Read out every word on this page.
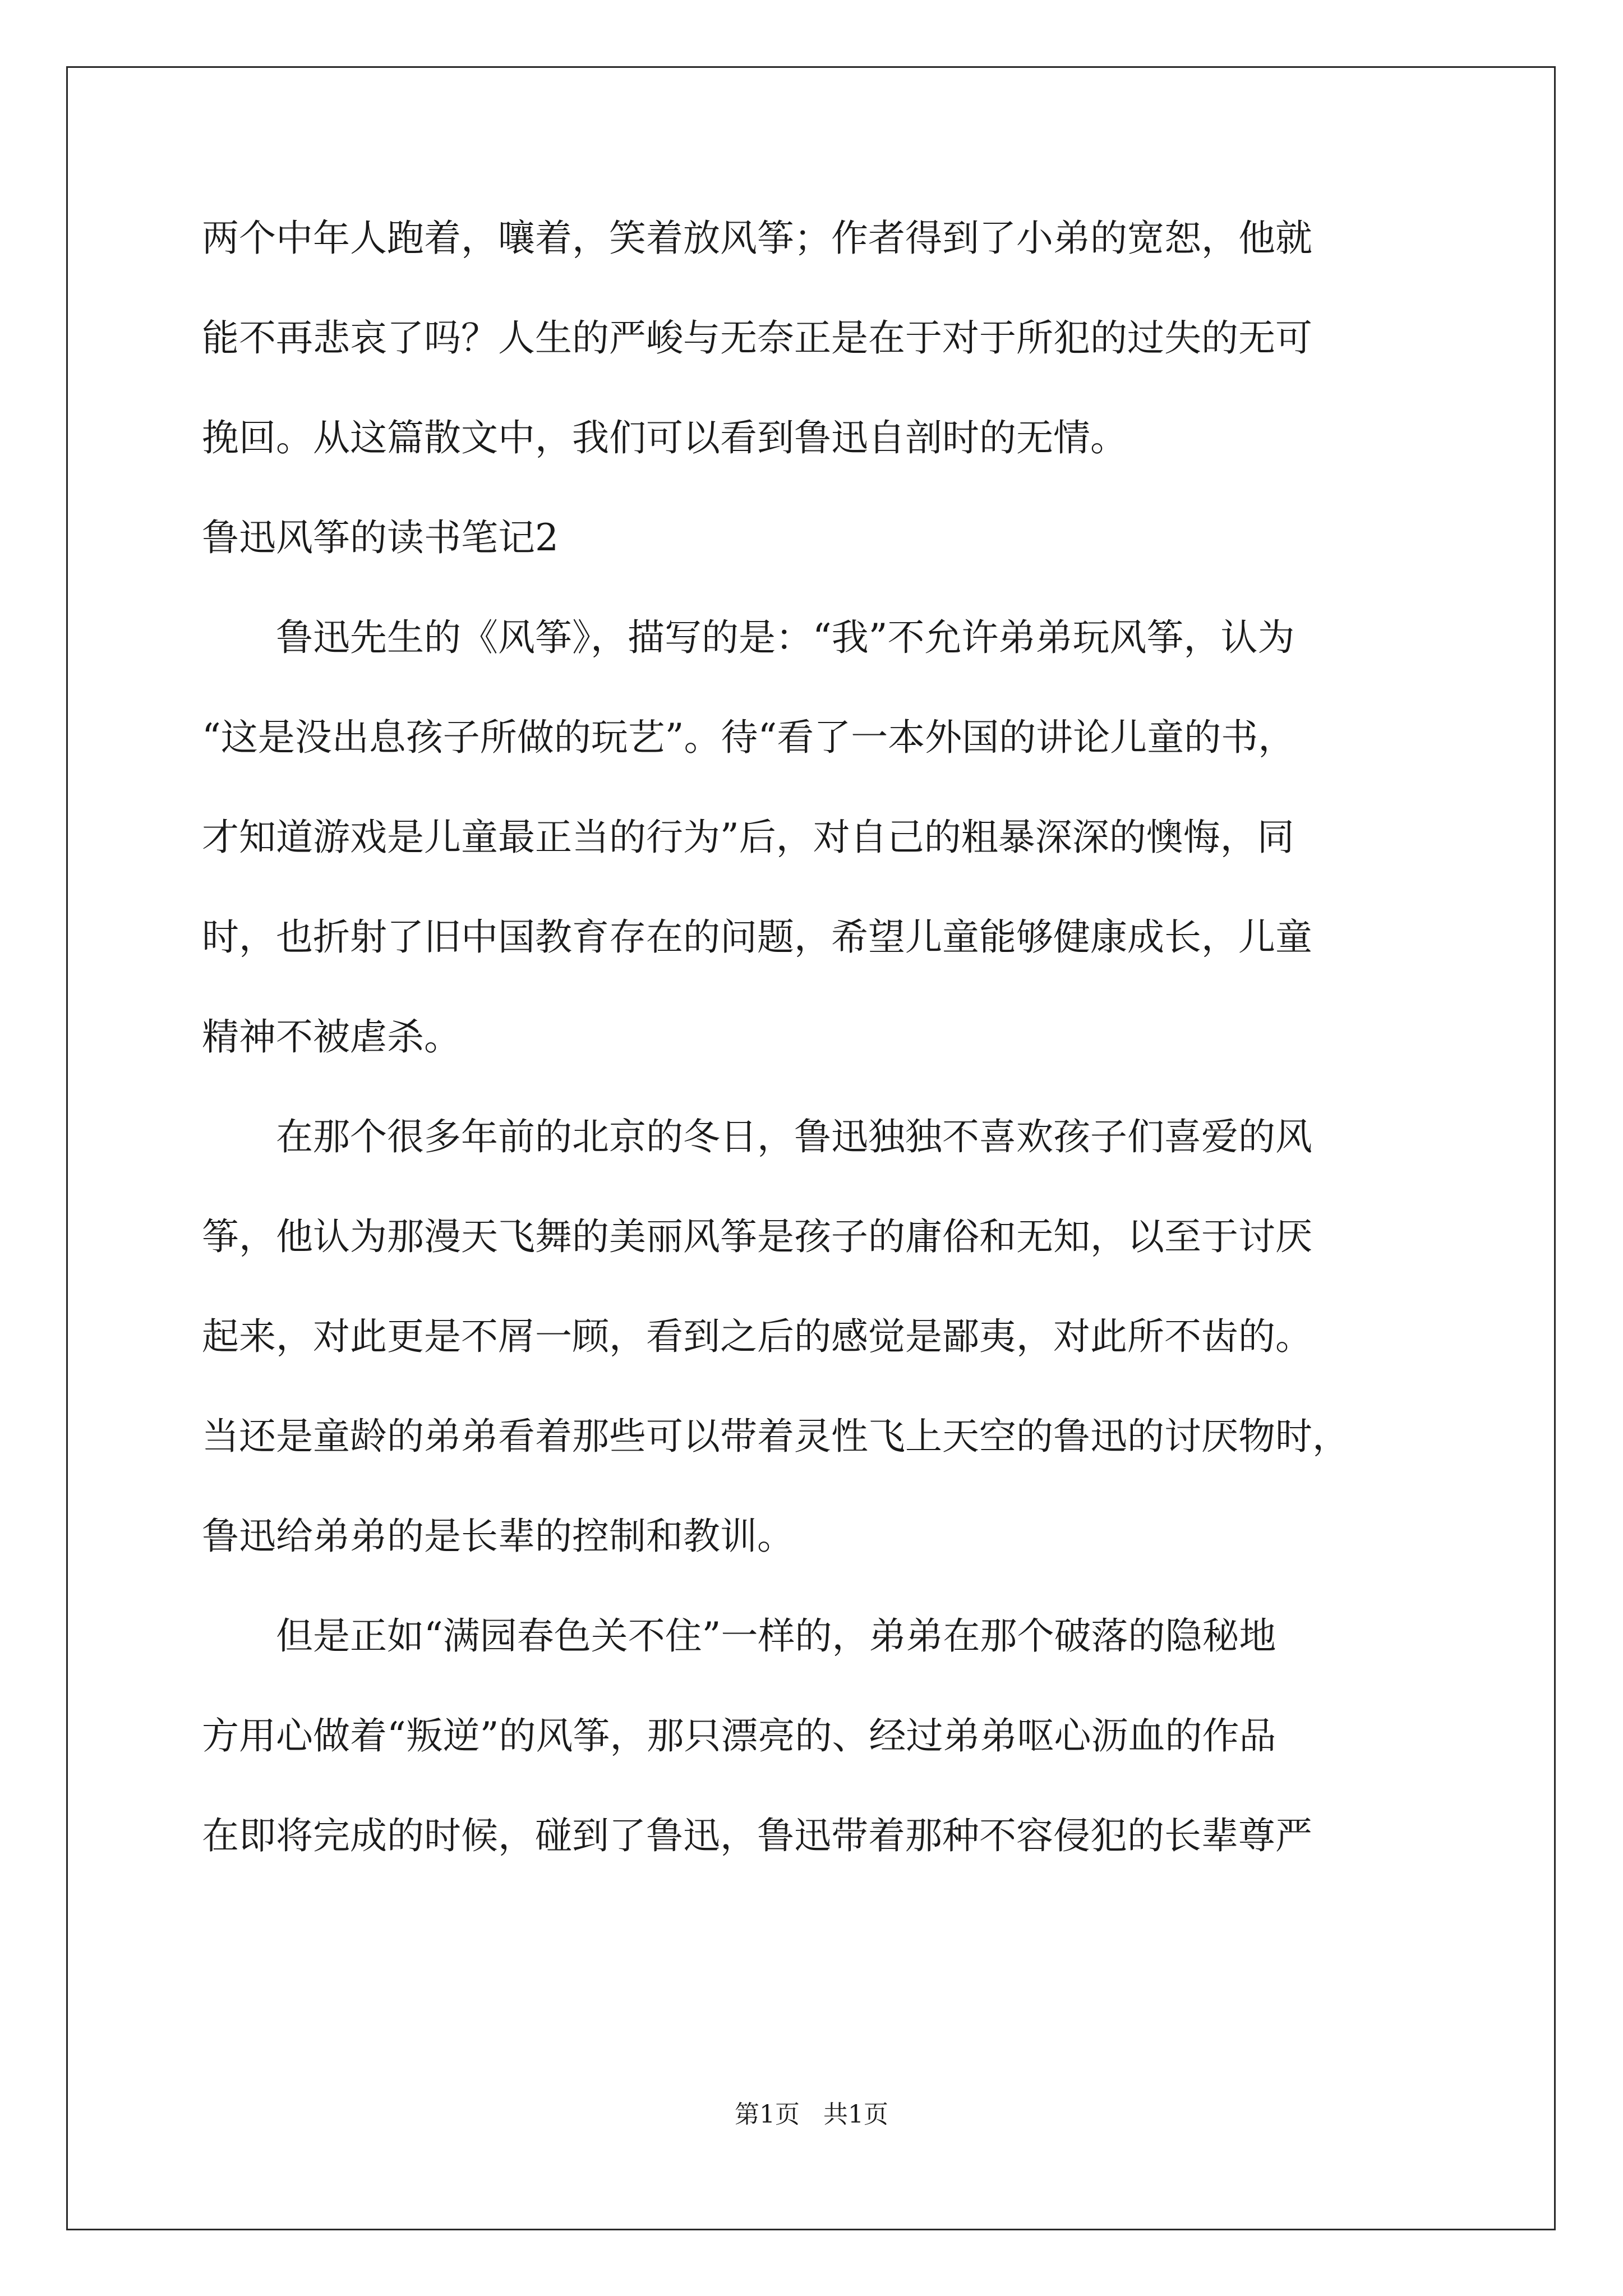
两个中年人跑着，嚷着，笑着放风筝；作者得到了小弟的宽恕，他就

能不再悲哀了吗？人生的严峻与无奈正是在于对于所犯的过失的无可

挽回。从这篇散文中，我们可以看到鲁迅自剖时的无情。

鲁迅风筝的读书笔记2

鲁迅先生的《风筝》，描写的是：“我”不允许弟弟玩风筝，认为

“这是没出息孩子所做的玩艺”。待“看了一本外国的讲论儿童的书，

才知道游戏是儿童最正当的行为”后，对自己的粗暴深深的懊悔，同

时，也折射了旧中国教育存在的问题，希望儿童能够健康成长，儿童

精神不被虐杀。

在那个很多年前的北京的冬日，鲁迅独独不喜欢孩子们喜爱的风

筝，他认为那漫天飞舞的美丽风筝是孩子的庸俗和无知，以至于讨厌

起来，对此更是不屑一顾，看到之后的感觉是鄙夷，对此所不齿的。

当还是童龄的弟弟看着那些可以带着灵性飞上天空的鲁迅的讨厌物时，

鲁迅给弟弟的是长辈的控制和教训。

但是正如“满园春色关不住”一样的，弟弟在那个破落的隐秘地

方用心做着“叛逆”的风筝，那只漂亮的、经过弟弟呕心沥血的作品

在即将完成的时候，碰到了鲁迅，鲁迅带着那种不容侵犯的长辈尊严

第1页   共1页
